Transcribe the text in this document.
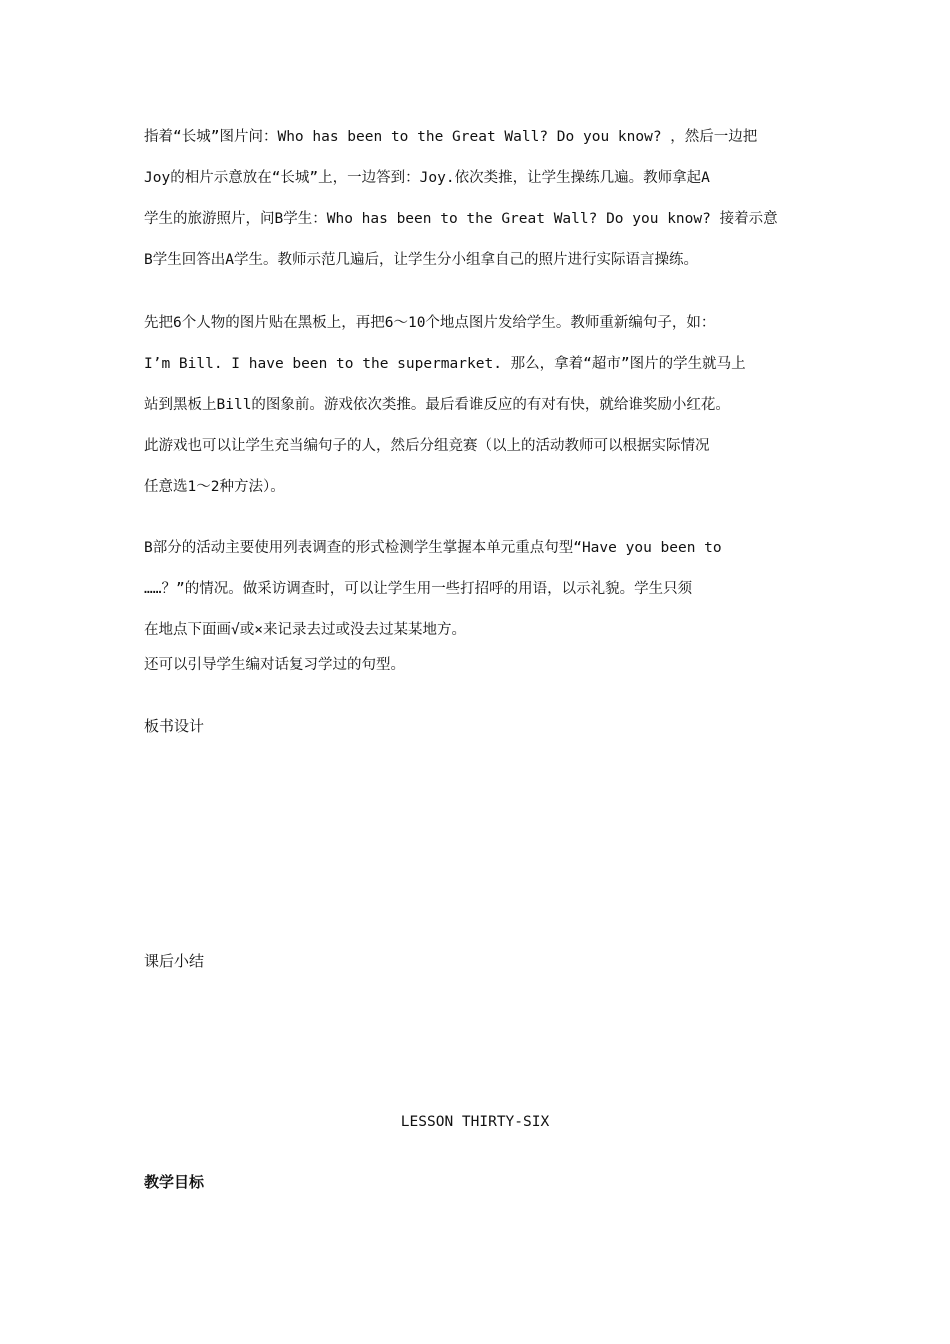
指着“长城”图片问：Who has been to the Great Wall? Do you know? ，然后一边把
Joy的相片示意放在“长城”上，一边答到：Joy.依次类推，让学生操练几遍。教师拿起A
学生的旅游照片，问B学生：Who has been to the Great Wall? Do you know? 接着示意
B学生回答出A学生。教师示范几遍后，让学生分小组拿自己的照片进行实际语言操练。
先把6个人物的图片贴在黑板上，再把6～10个地点图片发给学生。教师重新编句子，如：
I’m Bill. I have been to the supermarket. 那么，拿着“超市”图片的学生就马上
站到黑板上Bill的图象前。游戏依次类推。最后看谁反应的有对有快，就给谁奖励小红花。
此游戏也可以让学生充当编句子的人，然后分组竞赛（以上的活动教师可以根据实际情况
任意选1～2种方法）。
B部分的活动主要使用列表调查的形式检测学生掌握本单元重点句型“Have you been to
……？”的情况。做采访调查时，可以让学生用一些打招呼的用语，以示礼貌。学生只须
在地点下面画√或×来记录去过或没去过某某地方。
还可以引导学生编对话复习学过的句型。
板书设计
课后小结
LESSON THIRTY-SIX
教学目标
